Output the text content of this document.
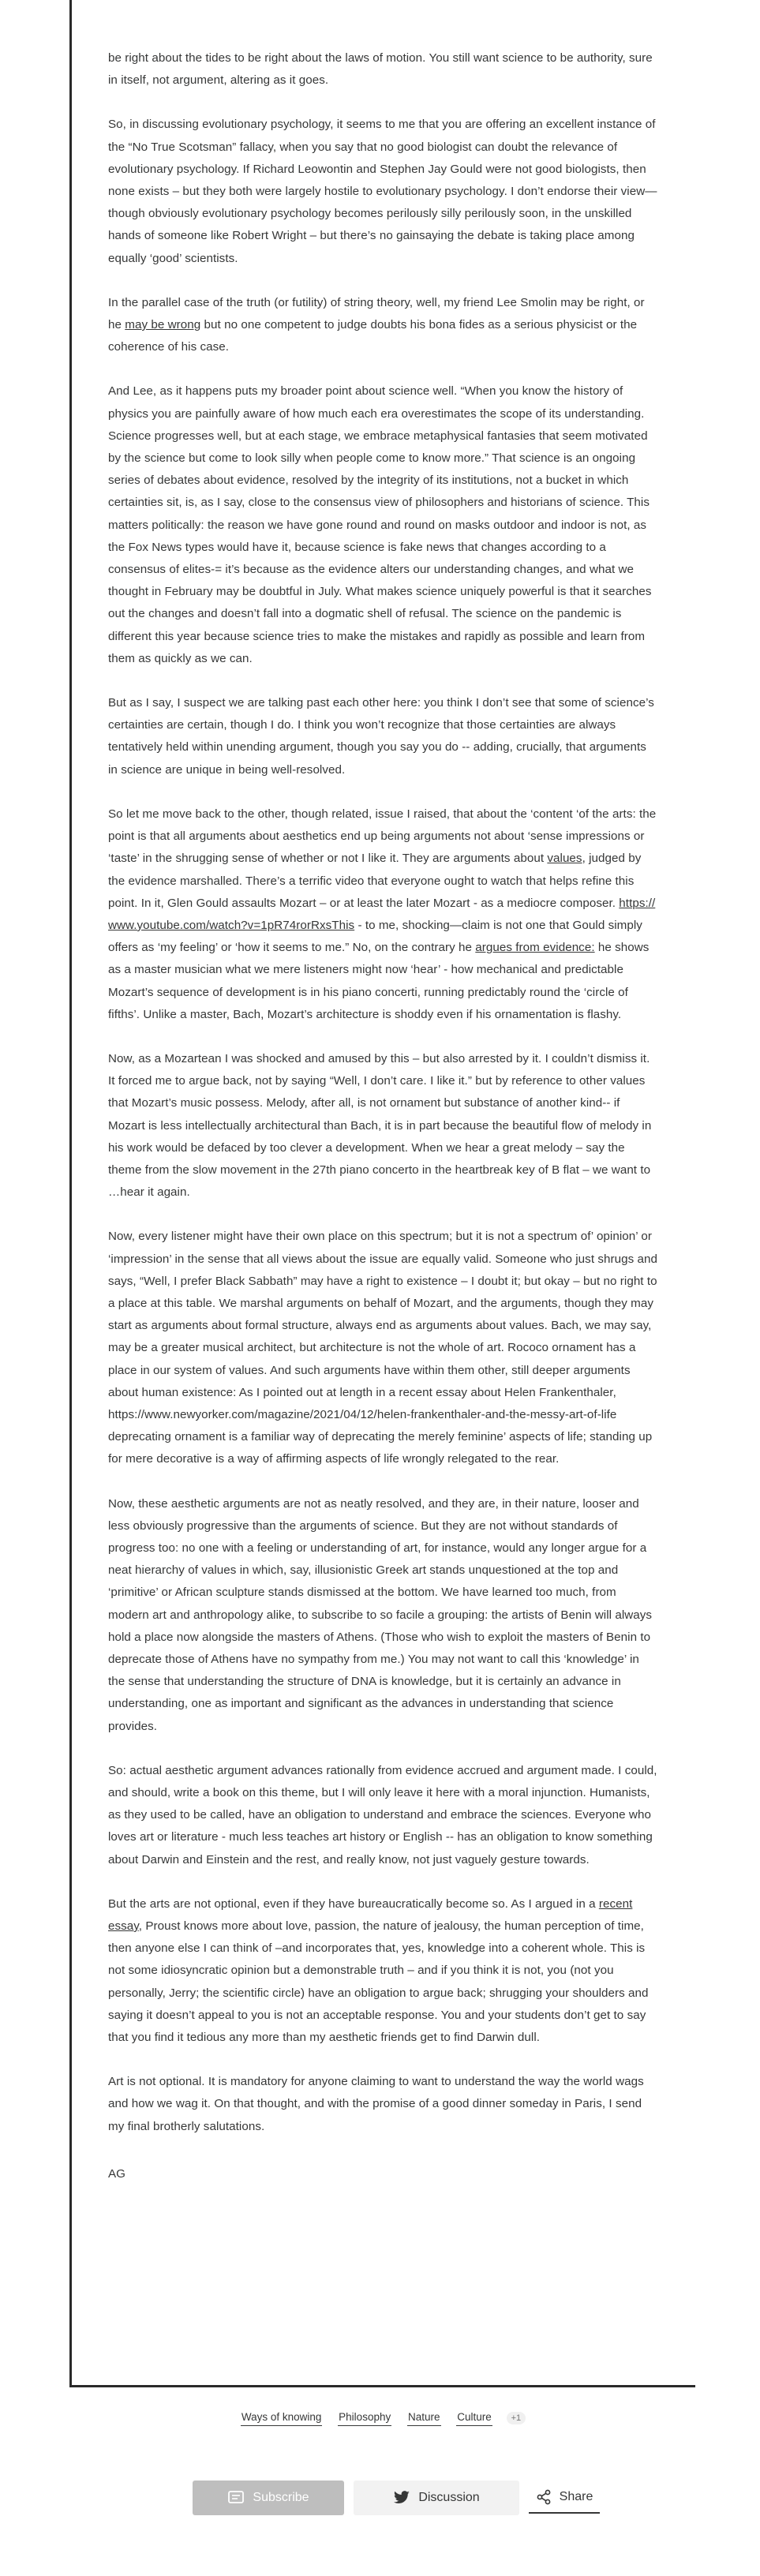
be right about the tides to be right about the laws of motion. You still want science to be authority, sure in itself, not argument, altering as it goes.

So, in discussing evolutionary psychology, it seems to me that you are offering an excellent instance of the “No True Scotsman” fallacy, when you say that no good biologist can doubt the relevance of evolutionary psychology. If Richard Leowontin and Stephen Jay Gould were not good biologists, then none exists – but they both were largely hostile to evolutionary psychology. I don’t endorse their view—though obviously evolutionary psychology becomes perilously silly perilously soon, in the unskilled hands of someone like Robert Wright – but there’s no gainsaying the debate is taking place among equally ‘good’ scientists.

In the parallel case of the truth (or futility) of string theory, well, my friend Lee Smolin may be right, or he may be wrong but no one competent to judge doubts his bona fides as a serious physicist or the coherence of his case.

And Lee, as it happens puts my broader point about science well. “When you know the history of physics you are painfully aware of how much each era overestimates the scope of its understanding. Science progresses well, but at each stage, we embrace metaphysical fantasies that seem motivated by the science but come to look silly when people come to know more.” That science is an ongoing series of debates about evidence, resolved by the integrity of its institutions, not a bucket in which certainties sit, is, as I say, close to the consensus view of philosophers and historians of science. This matters politically: the reason we have gone round and round on masks outdoor and indoor is not, as the Fox News types would have it, because science is fake news that changes according to a consensus of elites-= it’s because as the evidence alters our understanding changes, and what we thought in February may be doubtful in July. What makes science uniquely powerful is that it searches out the changes and doesn’t fall into a dogmatic shell of refusal. The science on the pandemic is different this year because science tries to make the mistakes and rapidly as possible and learn from them as quickly as we can.

But as I say, I suspect we are talking past each other here: you think I don’t see that some of science’s certainties are certain, though I do. I think you won’t recognize that those certainties are always tentatively held within unending argument, though you say you do -- adding, crucially, that arguments in science are unique in being well-resolved.

So let me move back to the other, though related, issue I raised, that about the ‘content ‘of the arts: the point is that all arguments about aesthetics end up being arguments not about ‘sense impressions or ‘taste’ in the shrugging sense of whether or not I like it. They are arguments about values, judged by the evidence marshalled. There’s a terrific video that everyone ought to watch that helps refine this point. In it, Glen Gould assaults Mozart – or at least the later Mozart - as a mediocre composer. https://www.youtube.com/watch?v=1pR74rorRxsThis - to me, shocking—claim is not one that Gould simply offers as ‘my feeling’ or ‘how it seems to me.” No, on the contrary he argues from evidence: he shows as a master musician what we mere listeners might now ‘hear’ - how mechanical and predictable Mozart’s sequence of development is in his piano concerti, running predictably round the ‘circle of fifths’. Unlike a master, Bach, Mozart’s architecture is shoddy even if his ornamentation is flashy.

Now, as a Mozartean I was shocked and amused by this – but also arrested by it. I couldn’t dismiss it. It forced me to argue back, not by saying “Well, I don’t care. I like it.” but by reference to other values that Mozart’s music possess. Melody, after all, is not ornament but substance of another kind-- if Mozart is less intellectually architectural than Bach, it is in part because the beautiful flow of melody in his work would be defaced by too clever a development. When we hear a great melody – say the theme from the slow movement in the 27th piano concerto in the heartbreak key of B flat – we want to …hear it again.

Now, every listener might have their own place on this spectrum; but it is not a spectrum of’ opinion’ or ‘impression’ in the sense that all views about the issue are equally valid. Someone who just shrugs and says, “Well, I prefer Black Sabbath” may have a right to existence – I doubt it; but okay – but no right to a place at this table. We marshal arguments on behalf of Mozart, and the arguments, though they may start as arguments about formal structure, always end as arguments about values. Bach, we may say, may be a greater musical architect, but architecture is not the whole of art. Rococo ornament has a place in our system of values. And such arguments have within them other, still deeper arguments about human existence: As I pointed out at length in a recent essay about Helen Frankenthaler, https://www.newyorker.com/magazine/2021/04/12/helen-frankenthaler-and-the-messy-art-of-life deprecating ornament is a familiar way of deprecating the merely feminine’ aspects of life; standing up for mere decorative is a way of affirming aspects of life wrongly relegated to the rear.

Now, these aesthetic arguments are not as neatly resolved, and they are, in their nature, looser and less obviously progressive than the arguments of science. But they are not without standards of progress too: no one with a feeling or understanding of art, for instance, would any longer argue for a neat hierarchy of values in which, say, illusionistic Greek art stands unquestioned at the top and ‘primitive’ or African sculpture stands dismissed at the bottom. We have learned too much, from modern art and anthropology alike, to subscribe to so facile a grouping: the artists of Benin will always hold a place now alongside the masters of Athens. (Those who wish to exploit the masters of Benin to deprecate those of Athens have no sympathy from me.) You may not want to call this ‘knowledge’ in the sense that understanding the structure of DNA is knowledge, but it is certainly an advance in understanding, one as important and significant as the advances in understanding that science provides.

So: actual aesthetic argument advances rationally from evidence accrued and argument made. I could, and should, write a book on this theme, but I will only leave it here with a moral injunction. Humanists, as they used to be called, have an obligation to understand and embrace the sciences. Everyone who loves art or literature - much less teaches art history or English -- has an obligation to know something about Darwin and Einstein and the rest, and really know, not just vaguely gesture towards.

But the arts are not optional, even if they have bureaucratically become so. As I argued in a recent essay, Proust knows more about love, passion, the nature of jealousy, the human perception of time, then anyone else I can think of –and incorporates that, yes, knowledge into a coherent whole. This is not some idiosyncratic opinion but a demonstrable truth – and if you think it is not, you (not you personally, Jerry; the scientific circle) have an obligation to argue back; shrugging your shoulders and saying it doesn’t appeal to you is not an acceptable response. You and your students don’t get to say that you find it tedious any more than my aesthetic friends get to find Darwin dull.

Art is not optional. It is mandatory for anyone claiming to want to understand the way the world wags and how we wag it. On that thought, and with the promise of a good dinner someday in Paris, I send my final brotherly salutations.

AG

Ways of knowing Philosophy Nature Culture +1
Subscribe	Discussion	Share
